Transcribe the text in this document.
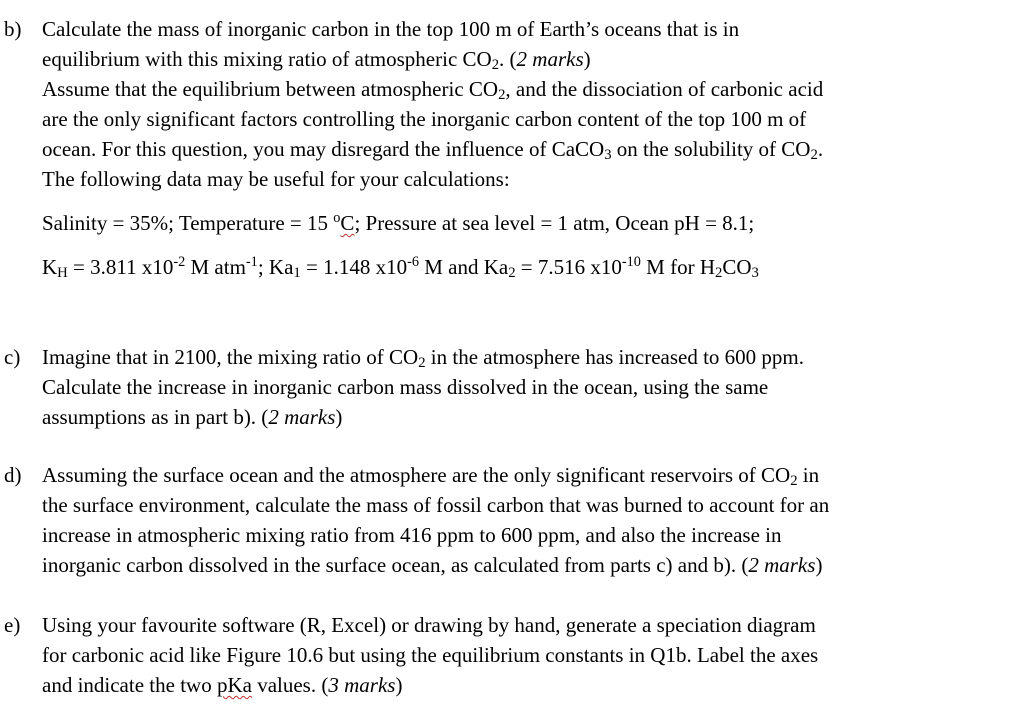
b) Calculate the mass of inorganic carbon in the top 100 m of Earth’s oceans that is in
equilibrium with this mixing ratio of atmospheric $CO_2$. (2 marks)
Assume that the equilibrium between atmospheric $CO_2$, and the dissociation of carbonic acid
are the only significant factors controlling the inorganic carbon content of the top 100 m of
ocean. For this question, you may disregard the influence of CaCO$_3$ on the solubility of $CO_2$.
The following data may be useful for your calculations:
Salinity = 35%; Temperature = 15 $^o$C; Pressure at sea level = 1 atm, Ocean pH = 8.1;
$K_H = 3.811$ $x10^{-2}$ M atm$^{-1}$; $Ka_1 = 1.148$ $x10^{-6}$ M and $Ka_2 = 7.516$ $x10^{-10}$ M for $H_2CO_3$
c) Imagine that in 2100, the mixing ratio of $CO_2$ in the atmosphere has increased to 600 ppm.
Calculate the increase in inorganic carbon mass dissolved in the ocean, using the same
assumptions as in part b). (2 marks)
d) Assuming the surface ocean and the atmosphere are the only significant reservoirs of $CO_2$ in
the surface environment, calculate the mass of fossil carbon that was burned to account for an
increase in atmospheric mixing ratio from 416 ppm to 600 ppm, and also the increase in
inorganic carbon dissolved in the surface ocean, as calculated from parts c) and b). (2 marks)
e) Using your favourite software (R, Excel) or drawing by hand, generate a speciation diagram
for carbonic acid like Figure 10.6 but using the equilibrium constants in Q1b. Label the axes
and indicate the two pKa values. (3 marks)
